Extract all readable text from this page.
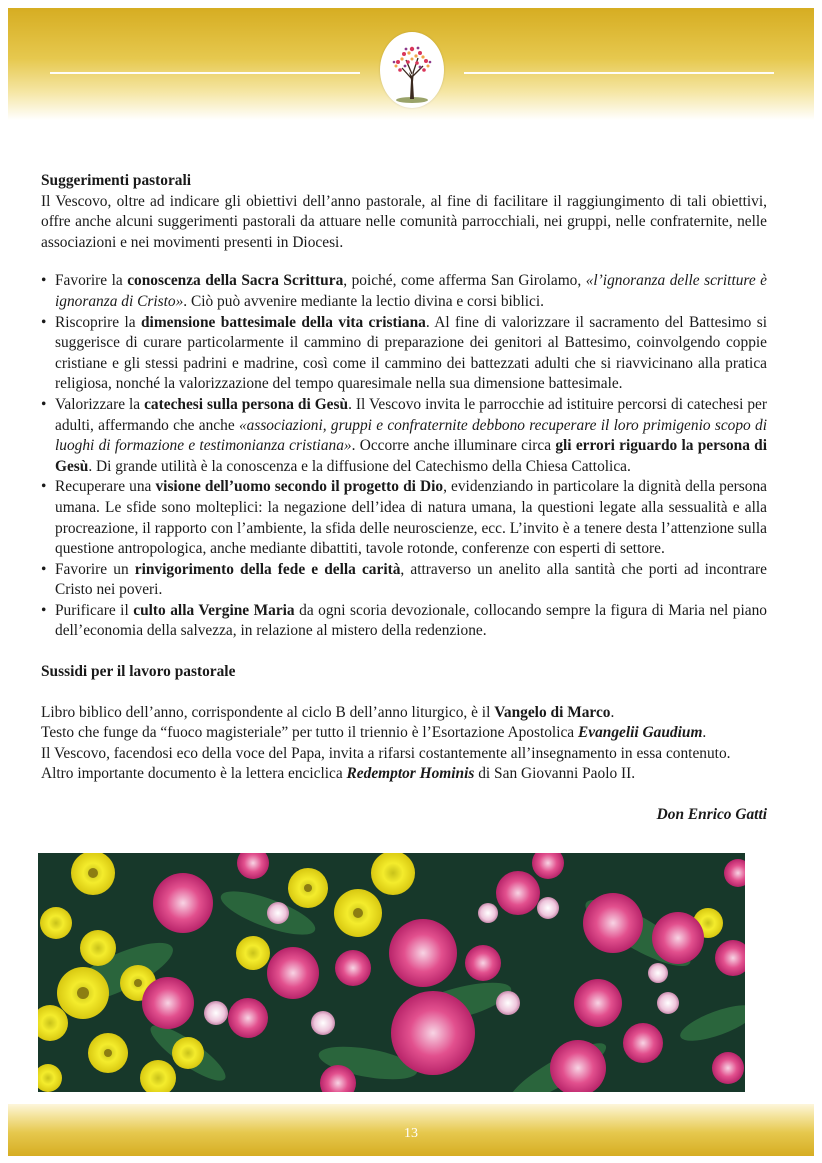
Suggerimenti pastorali

Il Vescovo, oltre ad indicare gli obiettivi dell’anno pastorale, al fine di facilitare il raggiungimento di tali obiettivi, offre anche alcuni suggerimenti pastorali da attuare nelle comunità parrocchiali, nei gruppi, nelle confraternite, nelle associazioni e nei movimenti presenti in Diocesi.

• Favorire la conoscenza della Sacra Scrittura, poiché, come afferma San Girolamo, «l’ignoranza delle scritture è ignoranza di Cristo». Ciò può avvenire mediante la lectio divina e corsi biblici.
• Riscoprire la dimensione battesimale della vita cristiana. Al fine di valorizzare il sacramento del Battesimo si suggerisce di curare particolarmente il cammino di preparazione dei genitori al Battesimo, coinvolgendo coppie cristiane e gli stessi padrini e madrine, così come il cammino dei battezzati adulti che si riavvicinano alla pratica religiosa, nonché la valorizzazione del tempo quaresimale nella sua dimensione battesimale.
• Valorizzare la catechesi sulla persona di Gesù. Il Vescovo invita le parrocchie ad istituire percorsi di catechesi per adulti, affermando che anche «associazioni, gruppi e confraternite debbono recuperare il loro primigenio scopo di luoghi di formazione e testimonianza cristiana». Occorre anche illuminare circa gli errori riguardo la persona di Gesù. Di grande utilità è la conoscenza e la diffusione del Catechismo della Chiesa Cattolica.
• Recuperare una visione dell’uomo secondo il progetto di Dio, evidenziando in particolare la dignità della persona umana. Le sfide sono molteplici: la negazione dell’idea di natura umana, la questioni legate alla sessualità e alla procreazione, il rapporto con l’ambiente, la sfida delle neuroscienze, ecc. L’invito è a tenere desta l’attenzione sulla questione antropologica, anche mediante dibattiti, tavole rotonde, conferenze con esperti di settore.
• Favorire un rinvigorimento della fede e della carità, attraverso un anelito alla santità che porti ad incontrare Cristo nei poveri.
• Purificare il culto alla Vergine Maria da ogni scoria devozionale, collocando sempre la figura di Maria nel piano dell’economia della salvezza, in relazione al mistero della redenzione.

Sussidi per il lavoro pastorale

Libro biblico dell’anno, corrispondente al ciclo B dell’anno liturgico, è il Vangelo di Marco.

Testo che funge da “fuoco magisteriale” per tutto il triennio è l’Esortazione Apostolica Evangelii Gaudium.

Il Vescovo, facendosi eco della voce del Papa, invita a rifarsi costantemente all’insegnamento in essa contenuto.

Altro importante documento è la lettera enciclica Redemptor Hominis di San Giovanni Paolo II.

Don Enrico Gatti

13
